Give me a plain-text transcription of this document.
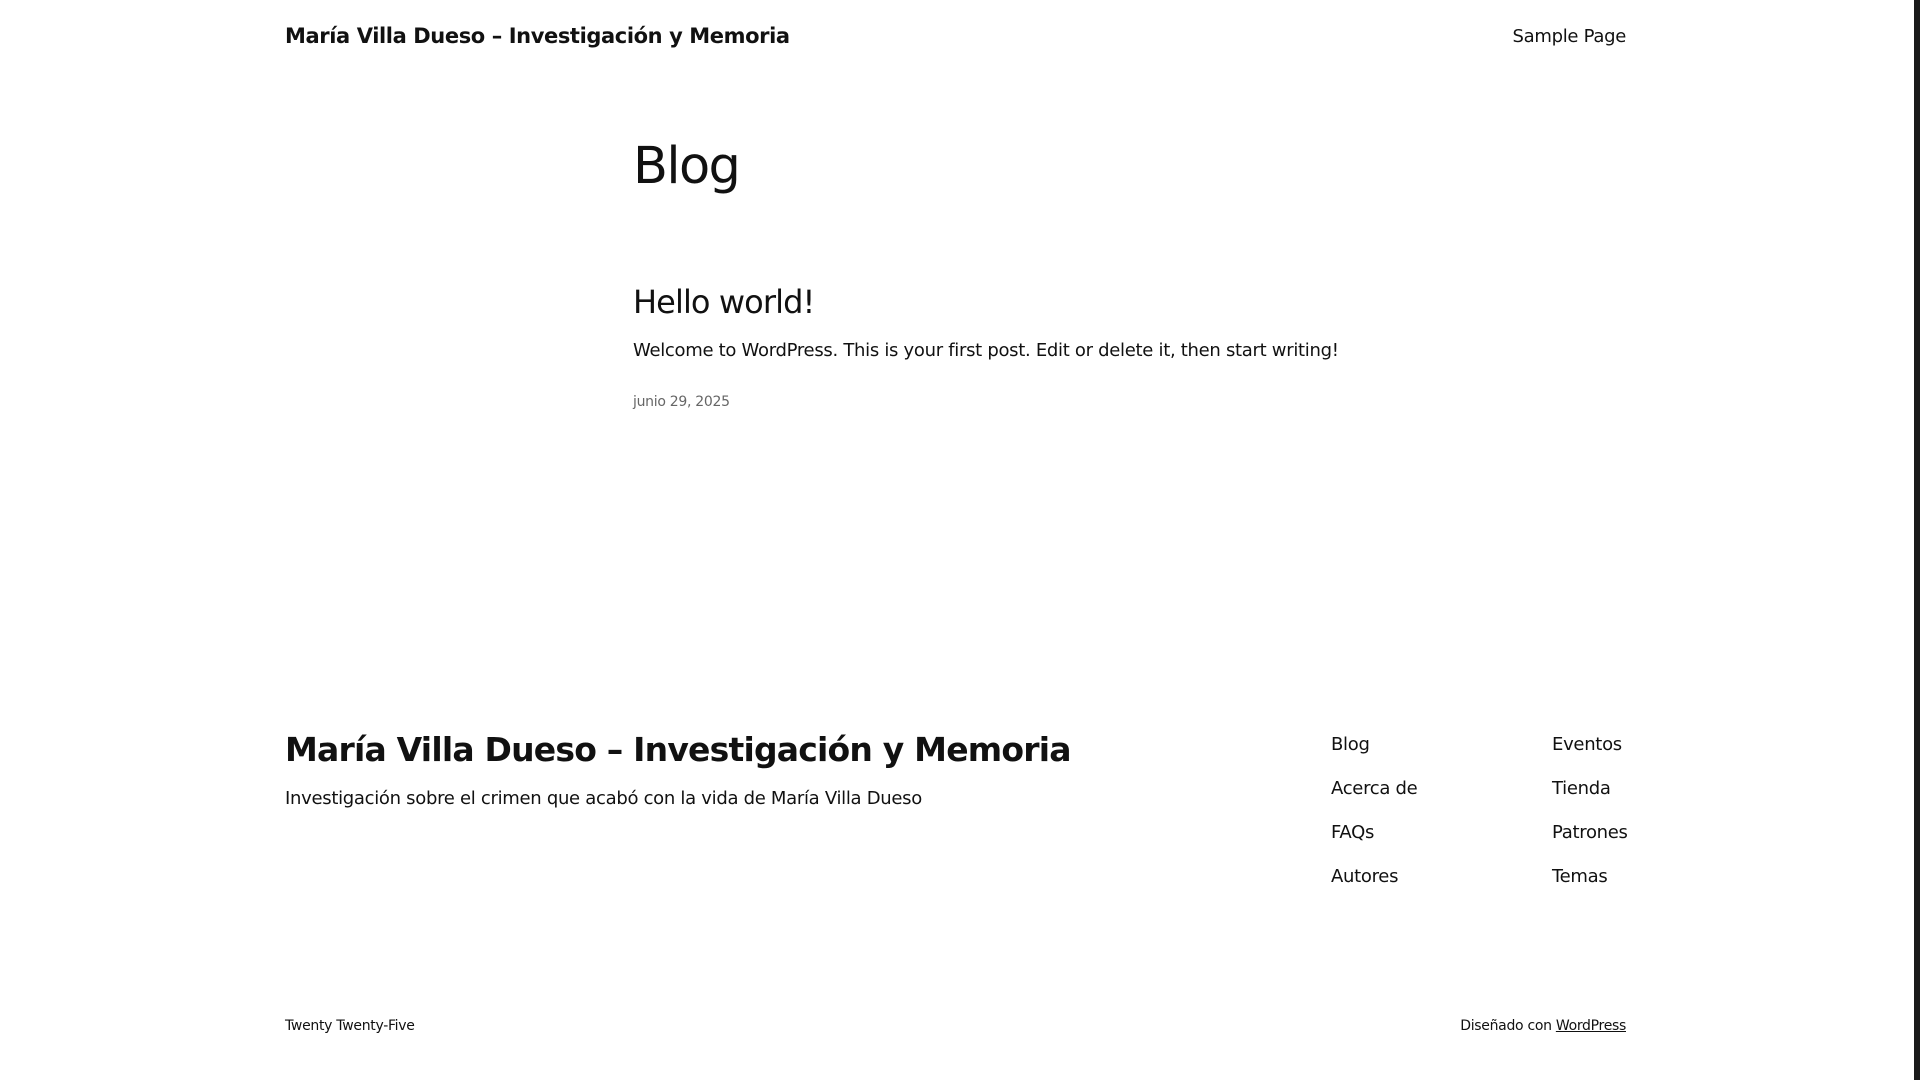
María Villa Dueso – Investigación y Memoria	Sample Page
Blog
Hello world!

Welcome to WordPress. This is your first post. Edit or delete it, then start writing!

junio 29, 2025
María Villa Dueso – Investigación y Memoria
Investigación sobre el crimen que acabó con la vida de María Villa Dueso
Blog
Acerca de
FAQs
Autores
Eventos
Tienda
Patrones
Temas
Twenty Twenty-Five	Diseñado con WordPress
